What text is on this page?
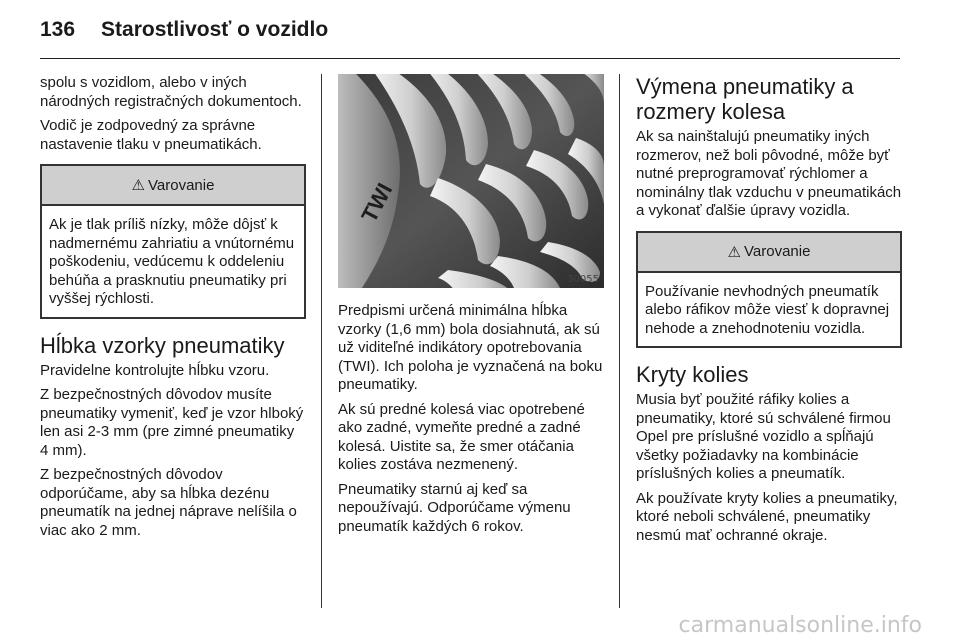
136 Starostlivosť o vozidlo

spolu s vozidlom, alebo v iných národných registračných dokumentoch.

Vodič je zodpovedný za správne nastavenie tlaku v pneumatikách.

⚠ Varovanie
Ak je tlak príliš nízky, môže dôjsť k nadmernému zahriatiu a vnútornému poškodeniu, vedúcemu k oddeleniu behúňa a prasknutiu pneumatiky pri vyššej rýchlosti.
Hĺbka vzorky pneumatiky

Pravidelne kontrolujte hĺbku vzoru.

Z bezpečnostných dôvodov musíte pneumatiky vymeniť, keď je vzor hlboký len asi 2-3 mm (pre zimné pneumatiky 4 mm).

Z bezpečnostných dôvodov odporúčame, aby sa hĺbka dezénu pneumatík na jednej náprave nelíšila o viac ako 2 mm.

TWI
30055

Predpismi určená minimálna hĺbka vzorky (1,6 mm) bola dosiahnutá, ak sú už viditeľné indikátory opotrebovania (TWI). Ich poloha je vyznačená na boku pneumatiky.

Ak sú predné kolesá viac opotrebené ako zadné, vymeňte predné a zadné kolesá. Uistite sa, že smer otáčania kolies zostáva nezmenený.

Pneumatiky starnú aj keď sa nepoužívajú. Odporúčame výmenu pneumatík každých 6 rokov.

Výmena pneumatiky a rozmery kolesa

Ak sa nainštalujú pneumatiky iných rozmerov, než boli pôvodné, môže byť nutné preprogramovať rýchlomer a nominálny tlak vzduchu v pneumatikách a vykonať ďalšie úpravy vozidla.

⚠ Varovanie
Používanie nevhodných pneumatík alebo ráfikov môže viesť k dopravnej nehode a znehodnoteniu vozidla.
Kryty kolies

Musia byť použité ráfiky kolies a pneumatiky, ktoré sú schválené firmou Opel pre príslušné vozidlo a spĺňajú všetky požiadavky na kombinácie príslušných kolies a pneumatík.

Ak používate kryty kolies a pneumatiky, ktoré neboli schválené, pneumatiky nesmú mať ochranné okraje.

carmanualsonline.info
